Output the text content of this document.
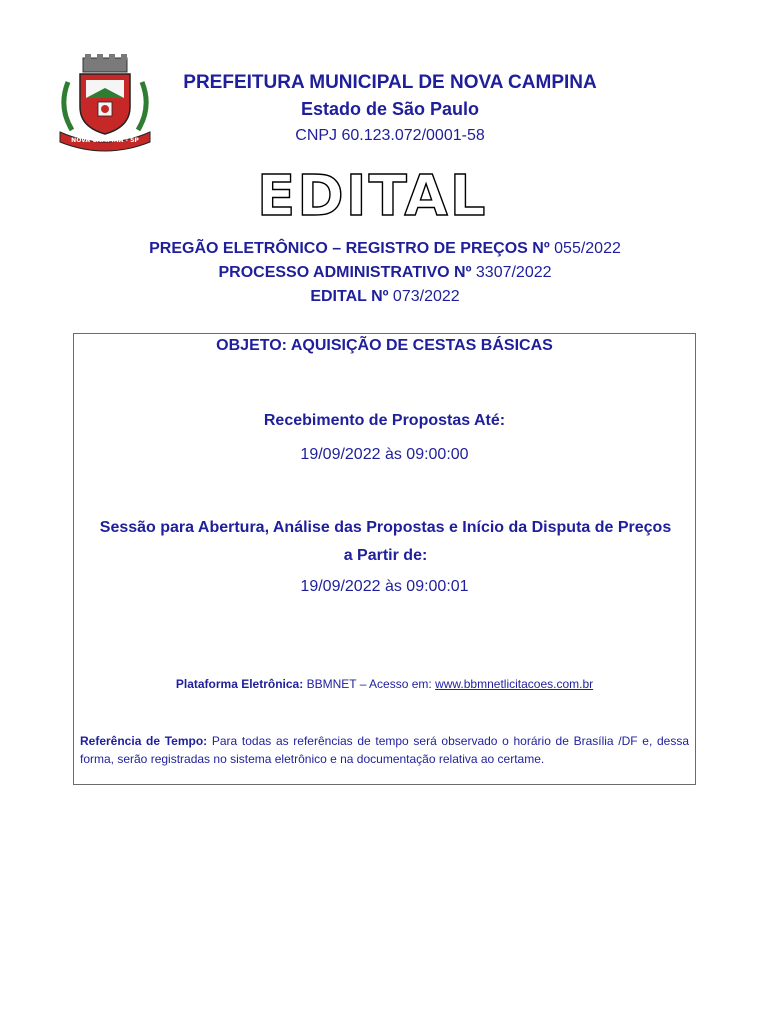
NOVA CAMPINA - SP
PREFEITURA MUNICIPAL DE NOVA CAMPINA
Estado de São Paulo
CNPJ 60.123.072/0001-58
EDITAL
PREGÃO ELETRÔNICO – REGISTRO DE PREÇOS Nº 055/2022
PROCESSO ADMINISTRATIVO Nº 3307/2022
EDITAL Nº 073/2022
OBJETO: AQUISIÇÃO DE CESTAS BÁSICAS
Recebimento de Propostas Até:
19/09/2022 às 09:00:00
Sessão para Abertura, Análise das Propostas e Início da Disputa de Preços a Partir de:
19/09/2022 às 09:00:01
Plataforma Eletrônica: BBMNET – Acesso em: www.bbmnetlicitacoes.com.br
Referência de Tempo: Para todas as referências de tempo será observado o horário de Brasília /DF e, dessa forma, serão registradas no sistema eletrônico e na documentação relativa ao certame.
